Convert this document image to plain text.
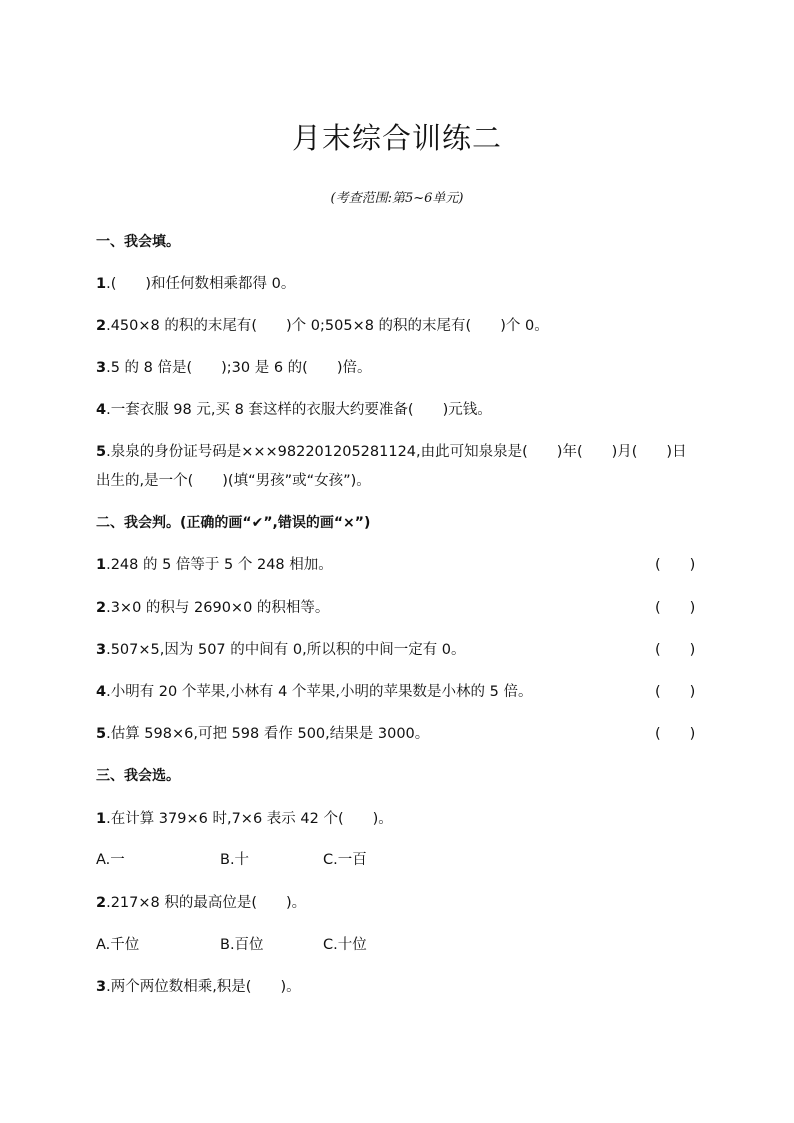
月末综合训练二
(考查范围:第5~6单元)
一、我会填。
1.(　　)和任何数相乘都得 0。
2.450×8 的积的末尾有(　　)个 0;505×8 的积的末尾有(　　)个 0。
3.5 的 8 倍是(　　);30 是 6 的(　　)倍。
4.一套衣服 98 元,买 8 套这样的衣服大约要准备(　　)元钱。
5.泉泉的身份证号码是×××982201205281124,由此可知泉泉是(　　)年(　　)月(　　)日
出生的,是一个(　　)(填“男孩”或“女孩”)。
二、我会判。(正确的画“✔”,错误的画“×”)
1.248 的 5 倍等于 5 个 248 相加。	(　　)
2.3×0 的积与 2690×0 的积相等。	(　　)
3.507×5,因为 507 的中间有 0,所以积的中间一定有 0。	(　　)
4.小明有 20 个苹果,小林有 4 个苹果,小明的苹果数是小林的 5 倍。	(　　)
5.估算 598×6,可把 598 看作 500,结果是 3000。	(　　)
三、我会选。
1.在计算 379×6 时,7×6 表示 42 个(　　)。
A.一	B.十	C.一百
2.217×8 积的最高位是(　　)。
A.千位	B.百位	C.十位
3.两个两位数相乘,积是(　　)。
